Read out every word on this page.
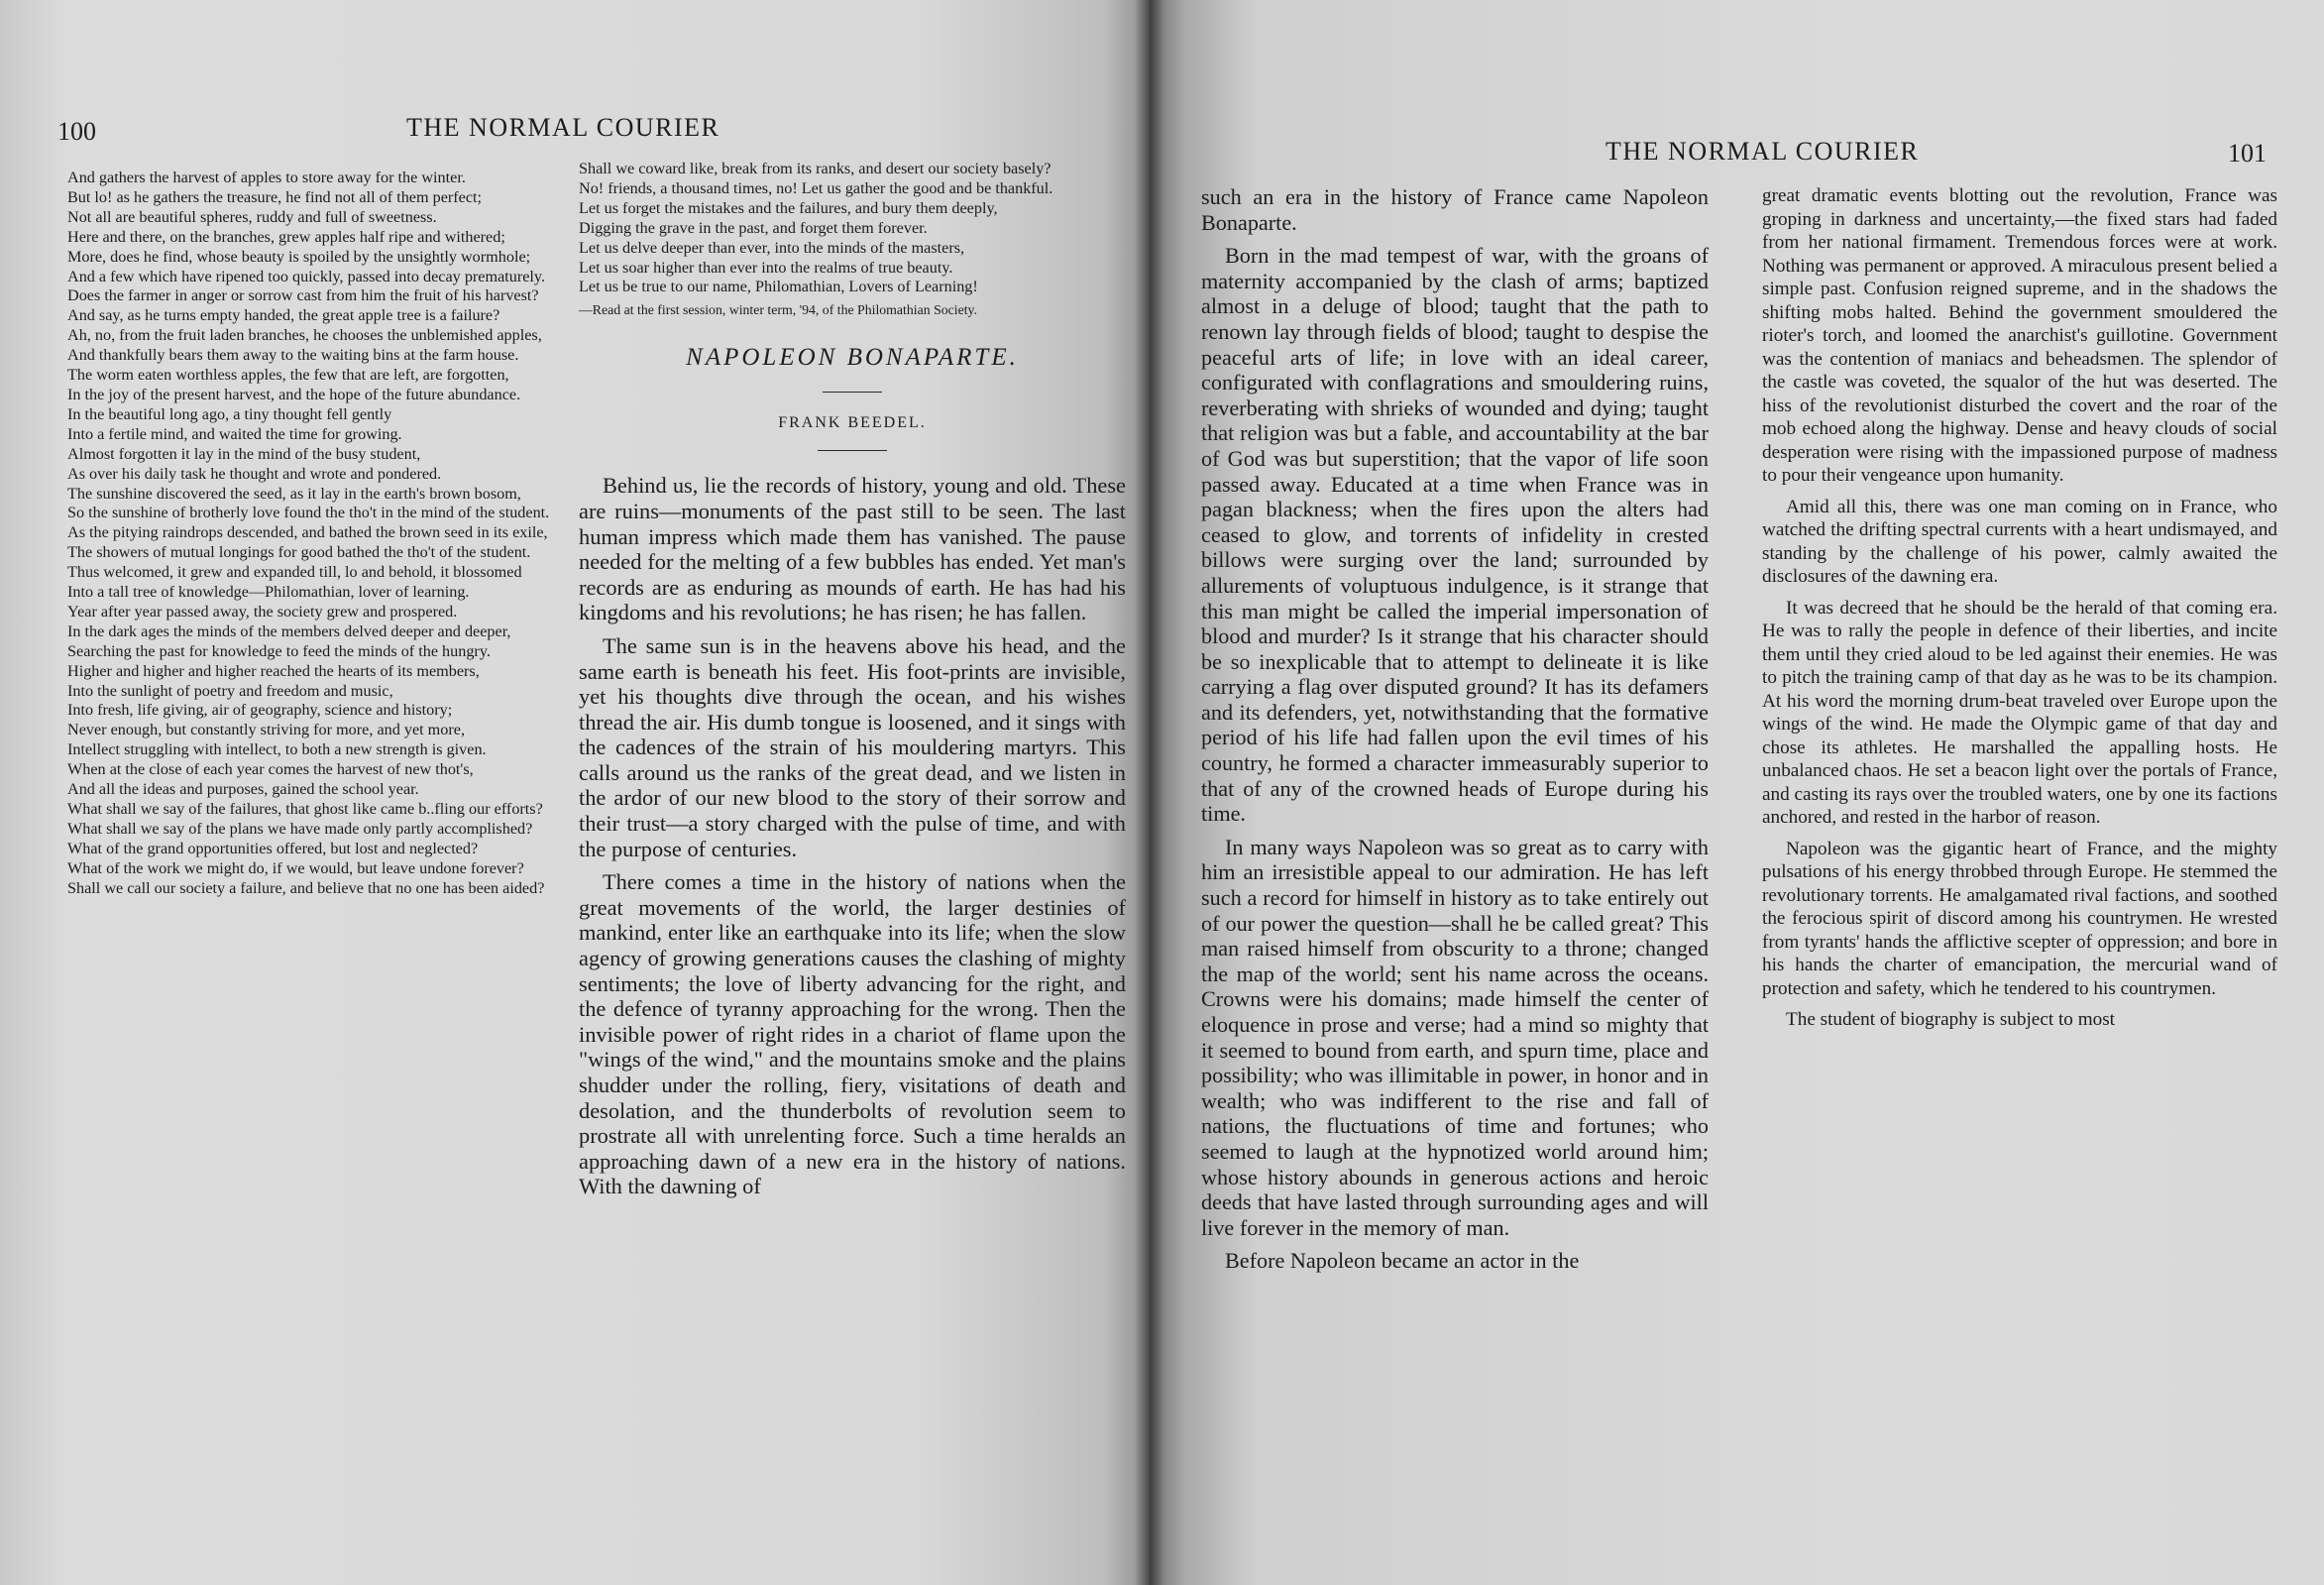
100	THE NORMAL COURIER
And gathers the harvest of apples to store away for the winter.
But lo! as he gathers the treasure, he find not all of them perfect;
Not all are beautiful spheres, ruddy and full of sweetness.
Here and there, on the branches, grew apples half ripe and withered;
More, does he find, whose beauty is spoiled by the unsightly wormhole;
And a few which have ripened too quickly, passed into decay prematurely.
Does the farmer in anger or sorrow cast from him the fruit of his harvest?
And say, as he turns empty handed, the great apple tree is a failure?
Ah, no, from the fruit laden branches, he chooses the unblemished apples,
And thankfully bears them away to the waiting bins at the farm house.
The worm eaten worthless apples, the few that are left, are forgotten,
In the joy of the present harvest, and the hope of the future abundance.
In the beautiful long ago, a tiny thought fell gently
Into a fertile mind, and waited the time for growing.
Almost forgotten it lay in the mind of the busy student,
As over his daily task he thought and wrote and pondered.
The sunshine discovered the seed, as it lay in the earth's brown bosom,
So the sunshine of brotherly love found the tho't in the mind of the student.
As the pitying raindrops descended, and bathed the brown seed in its exile,
The showers of mutual longings for good bathed the tho't of the student.
Thus welcomed, it grew and expanded till, lo and behold, it blossomed
Into a tall tree of knowledge—Philomathian, lover of learning.
Year after year passed away, the society grew and prospered.
In the dark ages the minds of the members delved deeper and deeper,
Searching the past for knowledge to feed the minds of the hungry.
Higher and higher and higher reached the hearts of its members,
Into the sunlight of poetry and freedom and music,
Into fresh, life giving, air of geography, science and history;
Never enough, but constantly striving for more, and yet more,
Intellect struggling with intellect, to both a new strength is given.
When at the close of each year comes the harvest of new thot's,
And all the ideas and purposes, gained the school year.
What shall we say of the failures, that ghost like came b..fling our efforts?
What shall we say of the plans we have made only partly accomplished?
What of the grand opportunities offered, but lost and neglected?
What of the work we might do, if we would, but leave undone forever?
Shall we call our society a failure, and believe that no one has been aided?
Shall we coward like, break from its ranks, and desert our society basely?
No! friends, a thousand times, no! Let us gather the good and be thankful.
Let us forget the mistakes and the failures, and bury them deeply,
Digging the grave in the past, and forget them forever.
Let us delve deeper than ever, into the minds of the masters,
Let us soar higher than ever into the realms of true beauty.
Let us be true to our name, Philomathian, Lovers of Learning!
—Read at the first session, winter term, '94, of the Philomathian Society.
NAPOLEON BONAPARTE.
FRANK BEEDEL.

Behind us, lie the records of history, young and old. These are ruins—monuments of the past still to be seen. The last human impress which made them has vanished. The pause needed for the melting of a few bubbles has ended. Yet man's records are as enduring as mounds of earth. He has had his kingdoms and his revolutions; he has risen; he has fallen.

The same sun is in the heavens above his head, and the same earth is beneath his feet. His foot-prints are invisible, yet his thoughts dive through the ocean, and his wishes thread the air. His dumb tongue is loosened, and it sings with the cadences of the strain of his mouldering martyrs. This calls around us the ranks of the great dead, and we listen in the ardor of our new blood to the story of their sorrow and their trust—a story charged with the pulse of time, and with the purpose of centuries.

There comes a time in the history of nations when the great movements of the world, the larger destinies of mankind, enter like an earthquake into its life; when the slow agency of growing generations causes the clashing of mighty sentiments; the love of liberty advancing for the right, and the defence of tyranny approaching for the wrong. Then the invisible power of right rides in a chariot of flame upon the "wings of the wind," and the mountains smoke and the plains shudder under the rolling, fiery, visitations of death and desolation, and the thunderbolts of revolution seem to prostrate all with unrelenting force. Such a time heralds an approaching dawn of a new era in the history of nations. With the dawning of

THE NORMAL COURIER	101

such an era in the history of France came Napoleon Bonaparte.

Born in the mad tempest of war, with the groans of maternity accompanied by the clash of arms; baptized almost in a deluge of blood; taught that the path to renown lay through fields of blood; taught to despise the peaceful arts of life; in love with an ideal career, configurated with conflagrations and smouldering ruins, reverberating with shrieks of wounded and dying; taught that religion was but a fable, and accountability at the bar of God was but superstition; that the vapor of life soon passed away. Educated at a time when France was in pagan blackness; when the fires upon the alters had ceased to glow, and torrents of infidelity in crested billows were surging over the land; surrounded by allurements of voluptuous indulgence, is it strange that this man might be called the imperial impersonation of blood and murder? Is it strange that his character should be so inexplicable that to attempt to delineate it is like carrying a flag over disputed ground? It has its defamers and its defenders, yet, notwithstanding that the formative period of his life had fallen upon the evil times of his country, he formed a character immeasurably superior to that of any of the crowned heads of Europe during his time.

In many ways Napoleon was so great as to carry with him an irresistible appeal to our admiration. He has left such a record for himself in history as to take entirely out of our power the question—shall he be called great? This man raised himself from obscurity to a throne; changed the map of the world; sent his name across the oceans. Crowns were his domains; made himself the center of eloquence in prose and verse; had a mind so mighty that it seemed to bound from earth, and spurn time, place and possibility; who was illimitable in power, in honor and in wealth; who was indifferent to the rise and fall of nations, the fluctuations of time and fortunes; who seemed to laugh at the hypnotized world around him; whose history abounds in generous actions and heroic deeds that have lasted through surrounding ages and will live forever in the memory of man.

Before Napoleon became an actor in the

great dramatic events blotting out the revolution, France was groping in darkness and uncertainty,—the fixed stars had faded from her national firmament. Tremendous forces were at work. Nothing was permanent or approved. A miraculous present belied a simple past. Confusion reigned supreme, and in the shadows the shifting mobs halted. Behind the government smouldered the rioter's torch, and loomed the anarchist's guillotine. Government was the contention of maniacs and beheadsmen. The splendor of the castle was coveted, the squalor of the hut was deserted. The hiss of the revolutionist disturbed the covert and the roar of the mob echoed along the highway. Dense and heavy clouds of social desperation were rising with the impassioned purpose of madness to pour their vengeance upon humanity.

Amid all this, there was one man coming on in France, who watched the drifting spectral currents with a heart undismayed, and standing by the challenge of his power, calmly awaited the disclosures of the dawning era.

It was decreed that he should be the herald of that coming era. He was to rally the people in defence of their liberties, and incite them until they cried aloud to be led against their enemies. He was to pitch the training camp of that day as he was to be its champion. At his word the morning drum-beat traveled over Europe upon the wings of the wind. He made the Olympic game of that day and chose its athletes. He marshalled the appalling hosts. He unbalanced chaos. He set a beacon light over the portals of France, and casting its rays over the troubled waters, one by one its factions anchored, and rested in the harbor of reason.

Napoleon was the gigantic heart of France, and the mighty pulsations of his energy throbbed through Europe. He stemmed the revolutionary torrents. He amalgamated rival factions, and soothed the ferocious spirit of discord among his countrymen. He wrested from tyrants' hands the afflictive scepter of oppression; and bore in his hands the charter of emancipation, the mercurial wand of protection and safety, which he tendered to his countrymen.

The student of biography is subject to most
